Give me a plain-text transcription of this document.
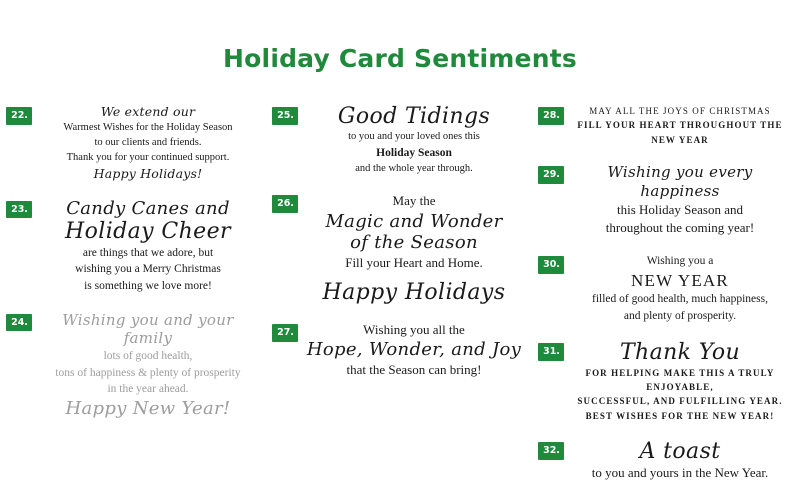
Holiday Card Sentiments
22.	We extend our
Warmest Wishes for the Holiday Season
to our clients and friends.
Thank you for your continued support.
Happy Holidays!
23.	Candy Canes and
Holiday Cheer
are things that we adore, but
wishing you a Merry Christmas
is something we love more!
24.	Wishing you and your family
lots of good health,
tons of happiness & plenty of prosperity
in the year ahead.
Happy New Year!
25.	Good Tidings
to you and your loved ones this
Holiday Season
and the whole year through.
26.	May the
Magic and Wonder
of the Season
Fill your Heart and Home.
Happy Holidays
27.	Wishing you all the
Hope, Wonder, and Joy
that the Season can bring!
28.	MAY ALL THE JOYS OF CHRISTMAS
FILL YOUR HEART THROUGHOUT THE NEW YEAR
29.	Wishing you every happiness
this Holiday Season and
throughout the coming year!
30.	Wishing you a
NEW YEAR
filled of good health, much happiness,
and plenty of prosperity.
31.	Thank You
FOR HELPING MAKE THIS A TRULY ENJOYABLE,
SUCCESSFUL, AND FULFILLING YEAR.
BEST WISHES FOR THE NEW YEAR!
32.	A toast
to you and yours in the New Year.
